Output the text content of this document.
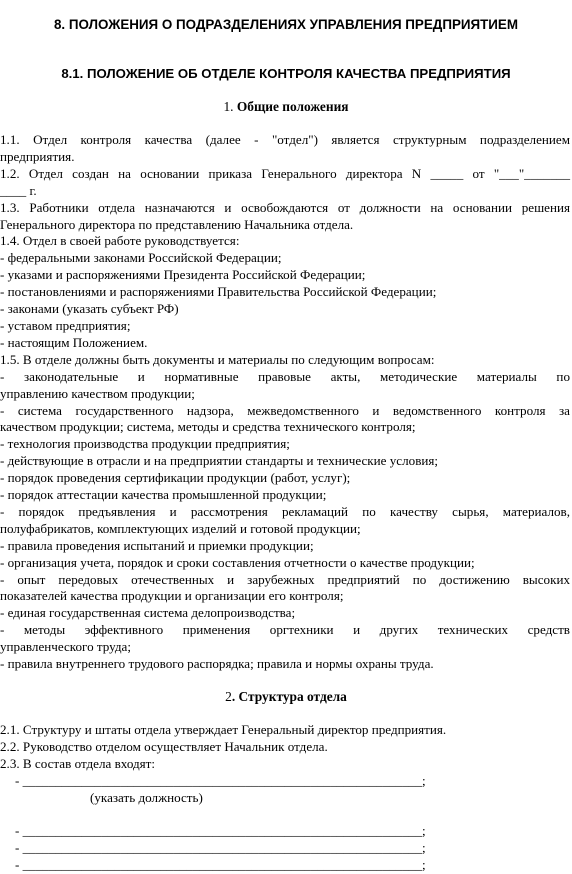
8. ПОЛОЖЕНИЯ О ПОДРАЗДЕЛЕНИЯХ УПРАВЛЕНИЯ ПРЕДПРИЯТИЕМ
8.1. ПОЛОЖЕНИЕ ОБ ОТДЕЛЕ КОНТРОЛЯ КАЧЕСТВА ПРЕДПРИЯТИЯ
1. Общие положения

1.1. Отдел контроля качества (далее - "отдел") является структурным подразделением

предприятия.

1.2. Отдел создан на основании приказа Генерального директора N _____ от "___"_______

____ г.

1.3. Работники отдела назначаются и освобождаются от должности на основании решения

Генерального директора по представлению Начальника отдела.

1.4. Отдел в своей работе руководствуется:

- федеральными законами Российской Федерации;

- указами и распоряжениями Президента Российской Федерации;

- постановлениями и распоряжениями Правительства Российской Федерации;

- законами (указать субъект РФ)

- уставом предприятия;

- настоящим Положением.

1.5. В отделе должны быть документы и материалы по следующим вопросам:

- законодательные и нормативные правовые акты, методические материалы по

управлению качеством продукции;

- система государственного надзора, межведомственного и ведомственного контроля за

качеством продукции; система, методы и средства технического контроля;

- технология производства продукции предприятия;

- действующие в отрасли и на предприятии стандарты и технические условия;

- порядок проведения сертификации продукции (работ, услуг);

- порядок аттестации качества промышленной продукции;

- порядок предъявления и рассмотрения рекламаций по качеству сырья, материалов,

полуфабрикатов, комплектующих изделий и готовой продукции;

- правила проведения испытаний и приемки продукции;

- организация учета, порядок и сроки составления отчетности о качестве продукции;

- опыт передовых отечественных и зарубежных предприятий по достижению высоких

показателей качества продукции и организации его контроля;

- единая государственная система делопроизводства;

- методы эффективного применения оргтехники и других технических средств

управленческого труда;

- правила внутреннего трудового распорядка; правила и нормы охраны труда.

2. Структура отдела

2.1. Структуру и штаты отдела утверждает Генеральный директор предприятия.

2.2. Руководство отделом осуществляет Начальник отдела.

2.3. В состав отдела входят:

- _____________________________________________________________;

(указать должность)

- _____________________________________________________________;

- _____________________________________________________________;

- _____________________________________________________________;
